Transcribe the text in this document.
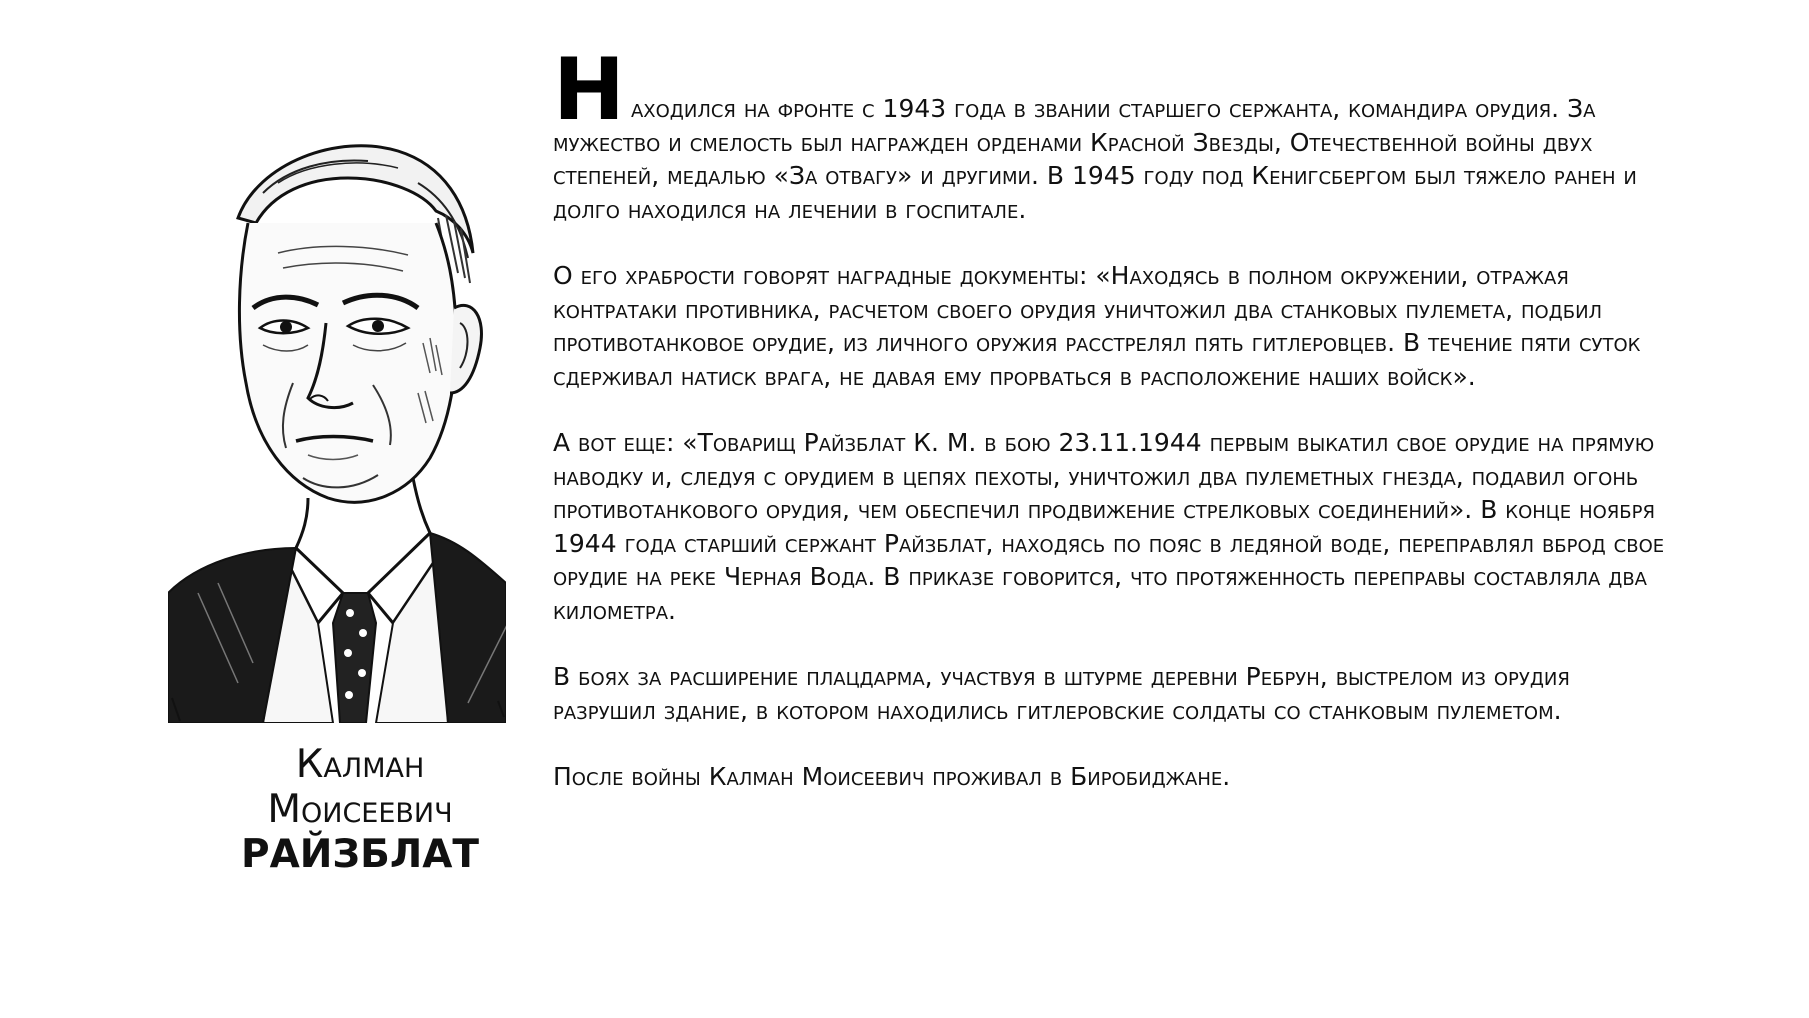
Калман
Моисеевич
РАЙЗБЛАТ

Н аходился на фронте с 1943 года в звании старшего сержанта, командира орудия. За мужество и смелость был награжден орденами Красной Звезды, Отечественной войны двух степеней, медалью «За отвагу» и другими. В 1945 году под Кенигсбергом был тяжело ранен и долго находился на лечении в госпитале.

О его храбрости говорят наградные документы: «Находясь в полном окружении, отражая контратаки противника, расчетом своего орудия уничтожил два станковых пулемета, подбил противотанковое орудие, из личного оружия расстрелял пять гитлеровцев. В течение пяти суток сдерживал натиск врага, не давая ему прорваться в расположение наших войск».

А вот еще: «Товарищ Райзблат К. М. в бою 23.11.1944 первым выкатил свое орудие на прямую наводку и, следуя с орудием в цепях пехоты, уничтожил два пулеметных гнезда, подавил огонь противотанкового орудия, чем обеспечил продвижение стрелковых соединений». В конце ноября 1944 года старший сержант Райзблат, находясь по пояс в ледяной воде, переправлял вброд свое орудие на реке Черная Вода. В приказе говорится, что протяженность переправы составляла два километра.

В боях за расширение плацдарма, участвуя в штурме деревни Ребрун, выстрелом из орудия разрушил здание, в котором находились гитлеровские солдаты со станковым пулеметом.

После войны Калман Моисеевич проживал в Биробиджане.
